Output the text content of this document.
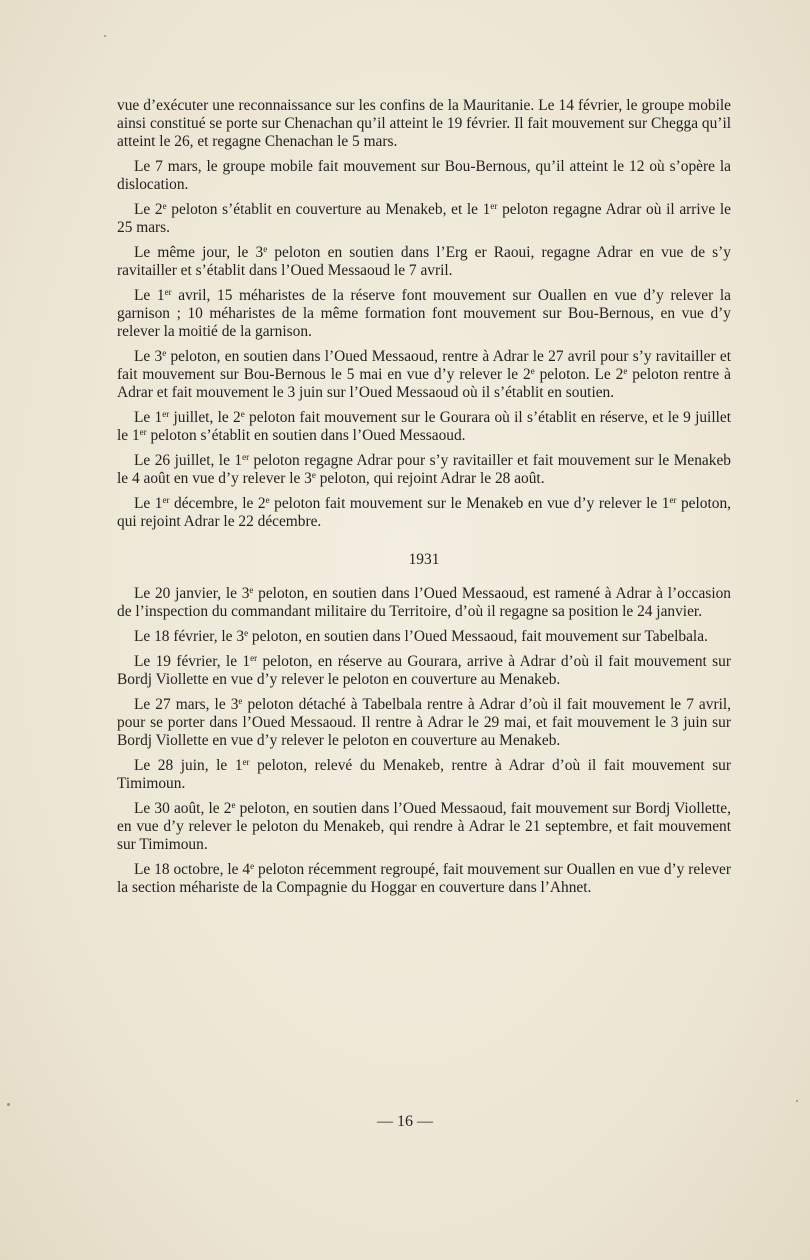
vue d’exécuter une reconnaissance sur les confins de la Mauritanie. Le 14 février, le groupe mobile ainsi constitué se porte sur Chenachan qu’il atteint le 19 février. Il fait mouvement sur Chegga qu’il atteint le 26, et regagne Chenachan le 5 mars.

Le 7 mars, le groupe mobile fait mouvement sur Bou-Bernous, qu’il atteint le 12 où s’opère la dislocation.

Le 2e peloton s’établit en couverture au Menakeb, et le 1er peloton regagne Adrar où il arrive le 25 mars.

Le même jour, le 3e peloton en soutien dans l’Erg er Raoui, regagne Adrar en vue de s’y ravitailler et s’établit dans l’Oued Messaoud le 7 avril.

Le 1er avril, 15 méharistes de la réserve font mouvement sur Ouallen en vue d’y relever la garnison ; 10 méharistes de la même formation font mouvement sur Bou-Bernous, en vue d’y relever la moitié de la garnison.

Le 3e peloton, en soutien dans l’Oued Messaoud, rentre à Adrar le 27 avril pour s’y ravitailler et fait mouvement sur Bou-Bernous le 5 mai en vue d’y relever le 2e peloton. Le 2e peloton rentre à Adrar et fait mouvement le 3 juin sur l’Oued Messaoud où il s’établit en soutien.

Le 1er juillet, le 2e peloton fait mouvement sur le Gourara où il s’établit en réserve, et le 9 juillet le 1er peloton s’établit en soutien dans l’Oued Messaoud.

Le 26 juillet, le 1er peloton regagne Adrar pour s’y ravitailler et fait mouvement sur le Menakeb le 4 août en vue d’y relever le 3e peloton, qui rejoint Adrar le 28 août.

Le 1er décembre, le 2e peloton fait mouvement sur le Menakeb en vue d’y relever le 1er peloton, qui rejoint Adrar le 22 décembre.

1931

Le 20 janvier, le 3e peloton, en soutien dans l’Oued Messaoud, est ramené à Adrar à l’occasion de l’inspection du commandant militaire du Territoire, d’où il regagne sa position le 24 janvier.

Le 18 février, le 3e peloton, en soutien dans l’Oued Messaoud, fait mouvement sur Tabelbala.

Le 19 février, le 1er peloton, en réserve au Gourara, arrive à Adrar d’où il fait mouvement sur Bordj Viollette en vue d’y relever le peloton en couverture au Menakeb.

Le 27 mars, le 3e peloton détaché à Tabelbala rentre à Adrar d’où il fait mouvement le 7 avril, pour se porter dans l’Oued Messaoud. Il rentre à Adrar le 29 mai, et fait mouvement le 3 juin sur Bordj Viollette en vue d’y relever le peloton en couverture au Menakeb.

Le 28 juin, le 1er peloton, relevé du Menakeb, rentre à Adrar d’où il fait mouvement sur Timimoun.

Le 30 août, le 2e peloton, en soutien dans l’Oued Messaoud, fait mouvement sur Bordj Viollette, en vue d’y relever le peloton du Menakeb, qui rendre à Adrar le 21 septembre, et fait mouvement sur Timimoun.

Le 18 octobre, le 4e peloton récemment regroupé, fait mouvement sur Ouallen en vue d’y relever la section méhariste de la Compagnie du Hoggar en couverture dans l’Ahnet.

— 16 —
